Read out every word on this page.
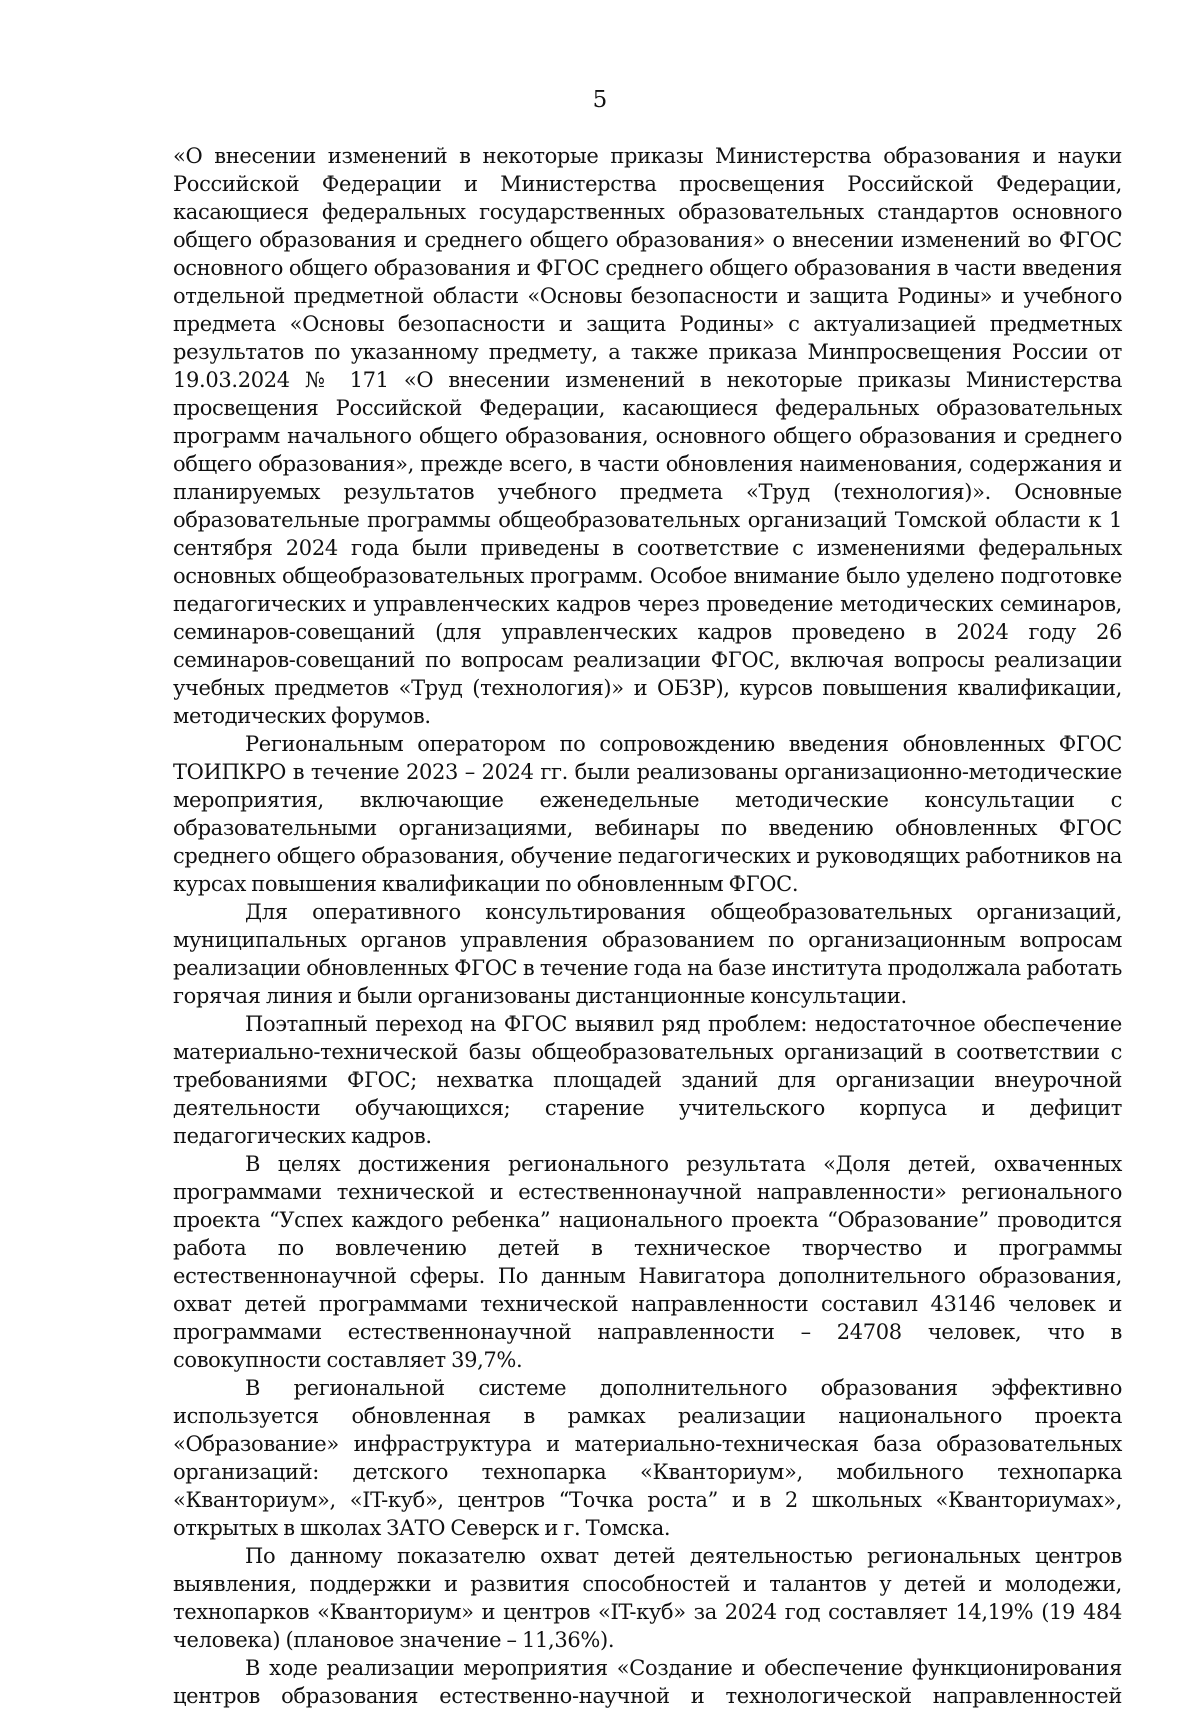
5

«О внесении изменений в некоторые приказы Министерства образования и науки Российской Федерации и Министерства просвещения Российской Федерации, касающиеся федеральных государственных образовательных стандартов основного общего образования и среднего общего образования» о внесении изменений во ФГОС основного общего образования и ФГОС среднего общего образования в части введения отдельной предметной области «Основы безопасности и защита Родины» и учебного предмета «Основы безопасности и защита Родины» с актуализацией предметных результатов по указанному предмету, а также приказа Минпросвещения России от 19.03.2024 № 171 «О внесении изменений в некоторые приказы Министерства просвещения Российской Федерации, касающиеся федеральных образовательных программ начального общего образования, основного общего образования и среднего общего образования», прежде всего, в части обновления наименования, содержания и планируемых результатов учебного предмета «Труд (технология)». Основные образовательные программы общеобразовательных организаций Томской области к 1 сентября 2024 года были приведены в соответствие с изменениями федеральных основных общеобразовательных программ. Особое внимание было уделено подготовке педагогических и управленческих кадров через проведение методических семинаров, семинаров-совещаний (для управленческих кадров проведено в 2024 году 26 семинаров-совещаний по вопросам реализации ФГОС, включая вопросы реализации учебных предметов «Труд (технология)» и ОБЗР), курсов повышения квалификации, методических форумов.

Региональным оператором по сопровождению введения обновленных ФГОС ТОИПКРО в течение 2023 – 2024 гг. были реализованы организационно-методические мероприятия, включающие еженедельные методические консультации с образовательными организациями, вебинары по введению обновленных ФГОС среднего общего образования, обучение педагогических и руководящих работников на курсах повышения квалификации по обновленным ФГОС.

Для оперативного консультирования общеобразовательных организаций, муниципальных органов управления образованием по организационным вопросам реализации обновленных ФГОС в течение года на базе института продолжала работать горячая линия и были организованы дистанционные консультации.

Поэтапный переход на ФГОС выявил ряд проблем: недостаточное обеспечение материально-технической базы общеобразовательных организаций в соответствии с требованиями ФГОС; нехватка площадей зданий для организации внеурочной деятельности обучающихся; старение учительского корпуса и дефицит педагогических кадров.

В целях достижения регионального результата «Доля детей, охваченных программами технической и естественнонаучной направленности» регионального проекта “Успех каждого ребенка” национального проекта “Образование” проводится работа по вовлечению детей в техническое творчество и программы естественнонаучной сферы. По данным Навигатора дополнительного образования, охват детей программами технической направленности составил 43146 человек и программами естественнонаучной направленности – 24708 человек, что в совокупности составляет 39,7%.

В региональной системе дополнительного образования эффективно используется обновленная в рамках реализации национального проекта «Образование» инфраструктура и материально-техническая база образовательных организаций: детского технопарка «Кванториум», мобильного технопарка «Кванториум», «IT-куб», центров “Точка роста” и в 2 школьных «Кванториумах», открытых в школах ЗАТО Северск и г. Томска.

По данному показателю охват детей деятельностью региональных центров выявления, поддержки и развития способностей и талантов у детей и молодежи, технопарков «Кванториум» и центров «IT-куб» за 2024 год составляет 14,19% (19 484 человека) (плановое значение – 11,36%).

В ходе реализации мероприятия «Создание и обеспечение функционирования центров образования естественно-научной и технологической направленностей
